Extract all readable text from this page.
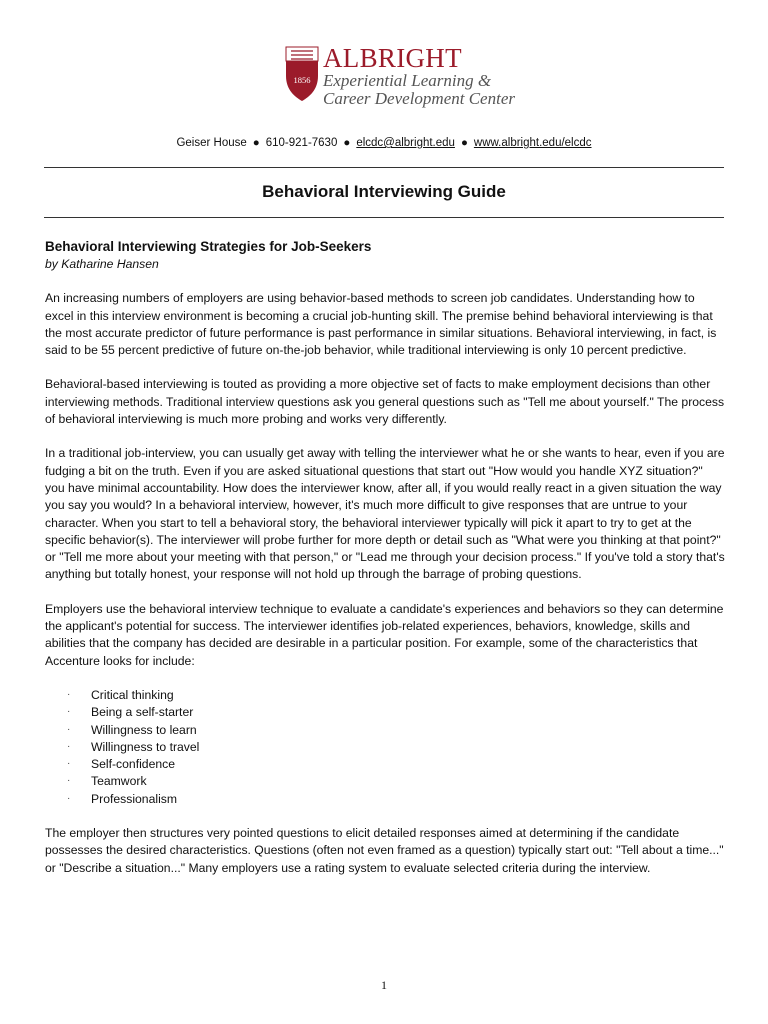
1856
ALBRIGHT
Experiential Learning &
Career Development Center
Geiser House ● 610-921-7630 ● elcdc@albright.edu ● www.albright.edu/elcdc
Behavioral Interviewing Guide

Behavioral Interviewing Strategies for Job-Seekers

by Katharine Hansen

An increasing numbers of employers are using behavior-based methods to screen job candidates. Understanding how to excel in this interview environment is becoming a crucial job-hunting skill. The premise behind behavioral interviewing is that the most accurate predictor of future performance is past performance in similar situations. Behavioral interviewing, in fact, is said to be 55 percent predictive of future on-the-job behavior, while traditional interviewing is only 10 percent predictive.

Behavioral-based interviewing is touted as providing a more objective set of facts to make employment decisions than other interviewing methods. Traditional interview questions ask you general questions such as "Tell me about yourself." The process of behavioral interviewing is much more probing and works very differently.

In a traditional job-interview, you can usually get away with telling the interviewer what he or she wants to hear, even if you are fudging a bit on the truth. Even if you are asked situational questions that start out "How would you handle XYZ situation?" you have minimal accountability. How does the interviewer know, after all, if you would really react in a given situation the way you say you would? In a behavioral interview, however, it's much more difficult to give responses that are untrue to your character. When you start to tell a behavioral story, the behavioral interviewer typically will pick it apart to try to get at the specific behavior(s). The interviewer will probe further for more depth or detail such as "What were you thinking at that point?" or "Tell me more about your meeting with that person," or "Lead me through your decision process." If you've told a story that's anything but totally honest, your response will not hold up through the barrage of probing questions.

Employers use the behavioral interview technique to evaluate a candidate's experiences and behaviors so they can determine the applicant's potential for success. The interviewer identifies job-related experiences, behaviors, knowledge, skills and abilities that the company has decided are desirable in a particular position. For example, some of the characteristics that Accenture looks for include:

· Critical thinking
· Being a self-starter
· Willingness to learn
· Willingness to travel
· Self-confidence
· Teamwork
· Professionalism

The employer then structures very pointed questions to elicit detailed responses aimed at determining if the candidate possesses the desired characteristics. Questions (often not even framed as a question) typically start out: "Tell about a time..." or "Describe a situation..." Many employers use a rating system to evaluate selected criteria during the interview.

1
